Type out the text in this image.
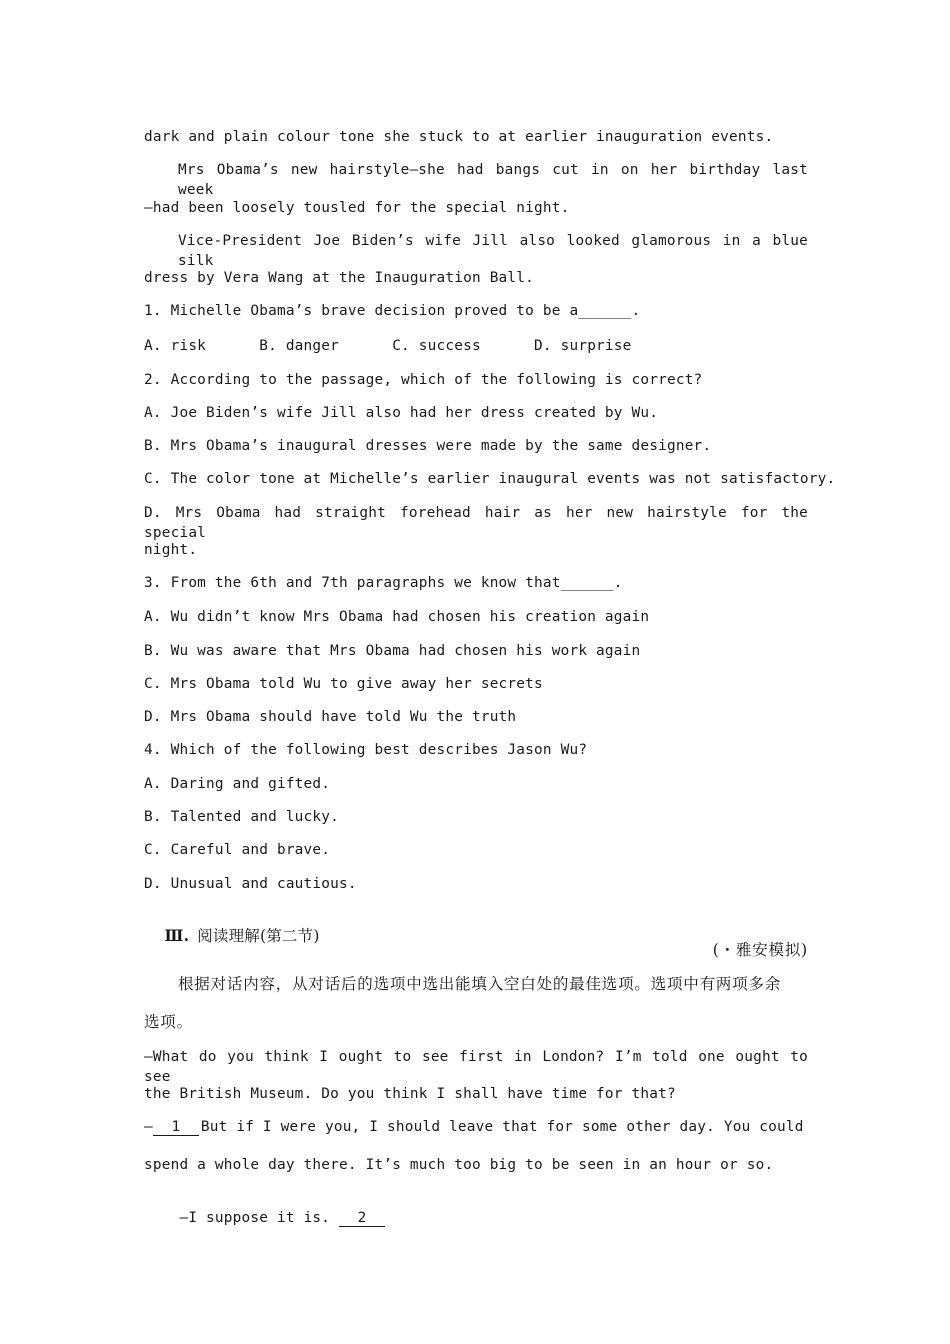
dark and plain colour tone she stuck to at earlier inauguration events.
Mrs Obama’s new hairstyle—she had bangs cut in on her birthday last week
—had been loosely tousled for the special night.
Vice-President Joe Biden’s wife Jill also looked glamorous in a blue silk
dress by Vera Wang at the Inauguration Ball.
1. Michelle Obama’s brave decision proved to be a______.
A. risk      B. danger      C. success      D. surprise
2. According to the passage, which of the following is correct?
A. Joe Biden’s wife Jill also had her dress created by Wu.
B. Mrs Obama’s inaugural dresses were made by the same designer.
C. The color tone at Michelle’s earlier inaugural events was not satisfactory.
D. Mrs Obama had straight forehead hair as her new hairstyle for the special
night.
3. From the 6th and 7th paragraphs we know that______.
A. Wu didn’t know Mrs Obama had chosen his creation again
B. Wu was aware that Mrs Obama had chosen his work again
C. Mrs Obama told Wu to give away her secrets
D. Mrs Obama should have told Wu the truth
4. Which of the following best describes Jason Wu?
A. Daring and gifted.
B. Talented and lucky.
C. Careful and brave.
D. Unusual and cautious.

Ⅲ. 阅读理解(第二节)

(・雅安模拟)
根据对话内容，从对话后的选项中选出能填入空白处的最佳选项。选项中有两项多余
选项。
—What do you think I ought to see first in London? I’m told one ought to see
the British Museum. Do you think I shall have time for that?
— 1 But if I were you, I should leave that for some other day. You could
spend a whole day there. It’s much too big to be seen in an hour or so.

—I suppose it is. 2
